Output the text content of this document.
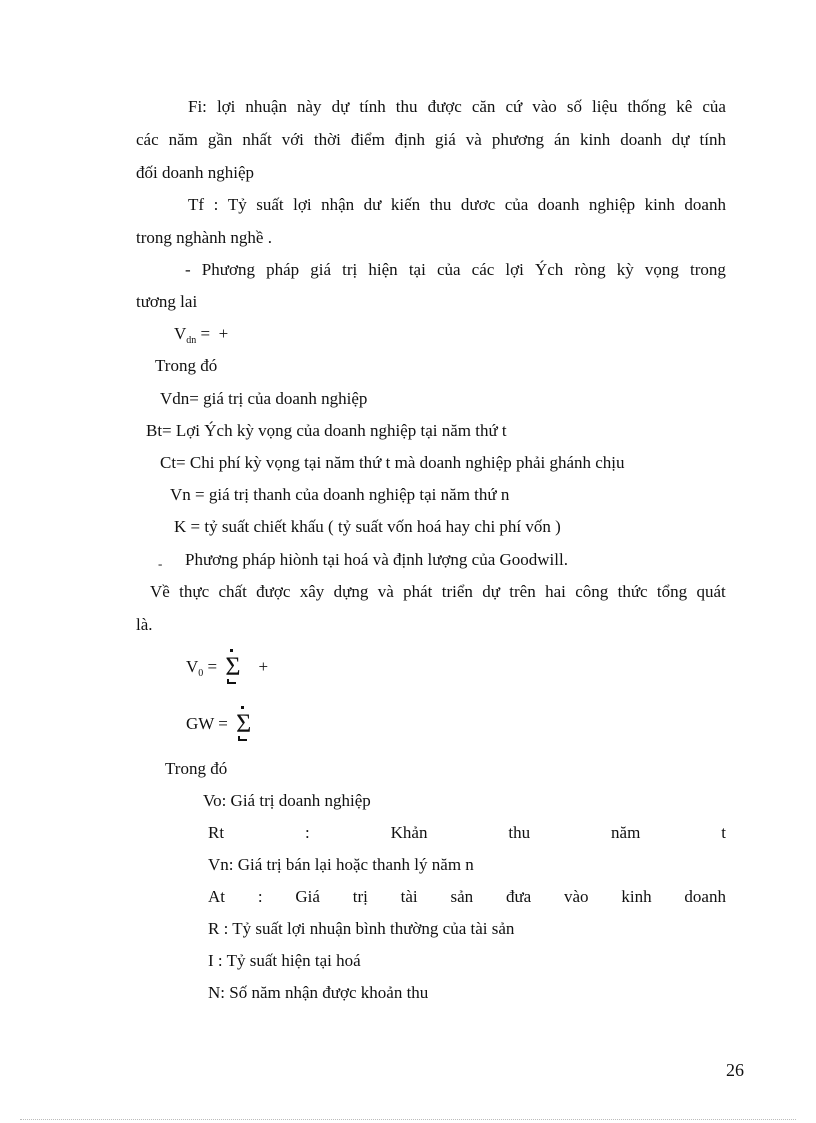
Fi: lợi nhuận này dự tính thu được căn cứ vào số liệu thống kê của
các năm gần nhất với thời điểm định giá và phương án kinh doanh dự tính
đối doanh nghiệp
Tf : Tỷ suất lợi nhận dư kiến thu dươc của doanh nghiệp kinh doanh
trong nghành nghề .
- Phương pháp giá trị hiện tại của các lợi Ých ròng kỳ vọng trong
tương lai
$V_{dn}$ =  +
Trong đó
Vdn= giá trị của doanh nghiệp
Bt= Lợi Ých kỳ vọng của doanh nghiệp tại năm thứ t
Ct= Chi phí kỳ vọng tại năm thứ t mà doanh nghiệp phải ghánh chịu
Vn = giá trị thanh của doanh nghiệp tại năm thứ n
K = tỷ suất chiết khấu ( tỷ suất vốn hoá hay chi phí vốn )
- Phương pháp hiònh tại hoá và định lượng của Goodwill.
Về thực chất được xây dựng và phát triển dự trên hai công thức tổng quát
là.
$V_0 = \Sigma$ +
GW = Σ
Trong đó
Vo: Giá trị doanh nghiệp
Rt	:	Khản	thu	năm	t
Vn: Giá trị bán lại hoặc thanh lý năm n
At : Giá trị tài sản đưa vào kinh doanh
R : Tỷ suất lợi nhuận bình thường của tài sản
I : Tỷ suất hiện tại hoá
N: Số năm nhận được khoản thu
26
